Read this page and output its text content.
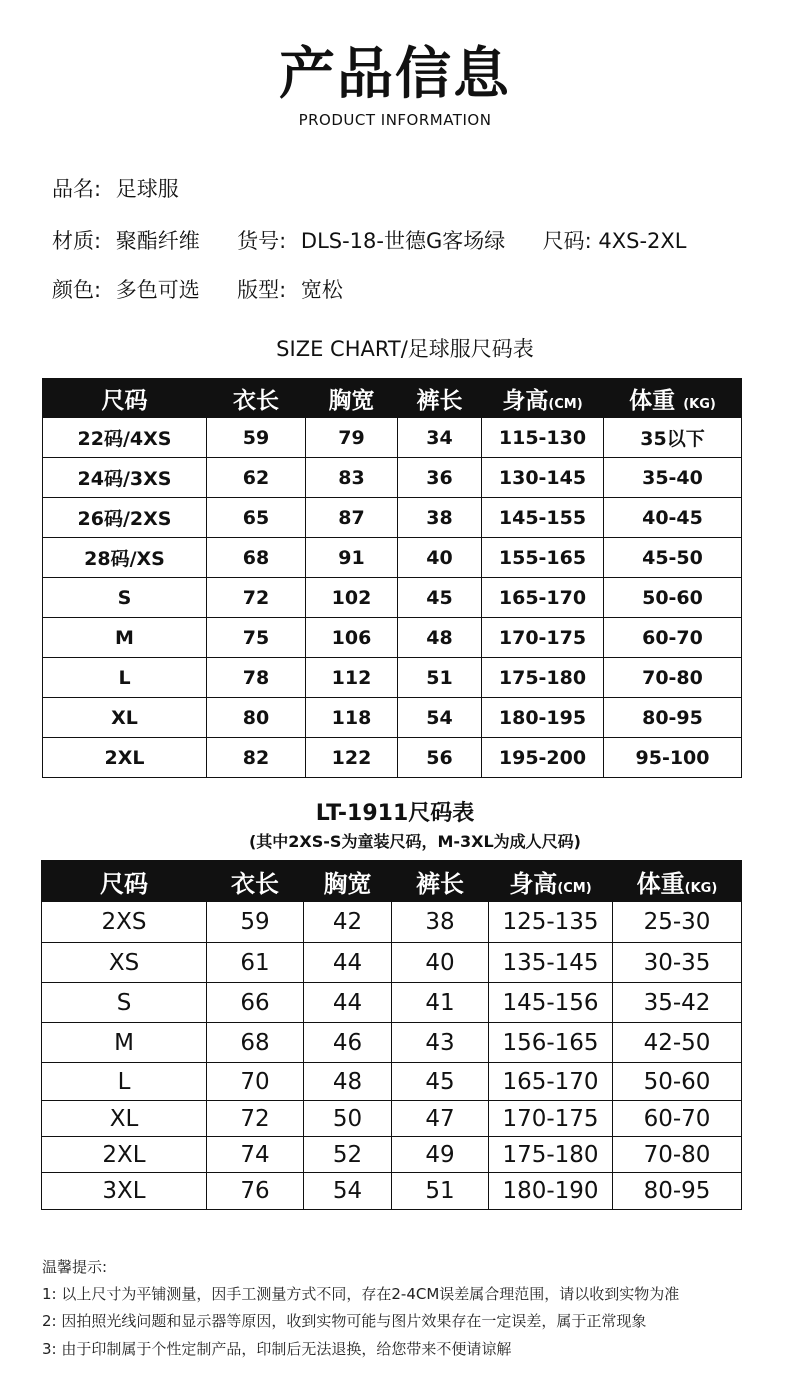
产品信息
PRODUCT INFORMATION
品名: 足球服
材质: 聚酯纤维 货号: DLS-18-世德G客场绿 尺码: 4XS-2XL
颜色: 多色可选 版型: 宽松
SIZE CHART/足球服尺码表
尺码	衣长	胸宽	裤长	身高(CM)	体重 (KG)
22码/4XS	59	79	34	115-130	35以下
24码/3XS	62	83	36	130-145	35-40
26码/2XS	65	87	38	145-155	40-45
28码/XS	68	91	40	155-165	45-50
S	72	102	45	165-170	50-60
M	75	106	48	170-175	60-70
L	78	112	51	175-180	70-80
XL	80	118	54	180-195	80-95
2XL	82	122	56	195-200	95-100
LT-1911尺码表
(其中2XS-S为童装尺码，M-3XL为成人尺码)
尺码	衣长	胸宽	裤长	身高(CM)	体重(KG)
2XS	59	42	38	125-135	25-30
XS	61	44	40	135-145	30-35
S	66	44	41	145-156	35-42
M	68	46	43	156-165	42-50
L	70	48	45	165-170	50-60
XL	72	50	47	170-175	60-70
2XL	74	52	49	175-180	70-80
3XL	76	54	51	180-190	80-95
温馨提示:
1: 以上尺寸为平铺测量，因手工测量方式不同，存在2-4CM误差属合理范围，请以收到实物为准
2: 因拍照光线问题和显示器等原因，收到实物可能与图片效果存在一定误差，属于正常现象
3: 由于印制属于个性定制产品，印制后无法退换，给您带来不便请谅解
